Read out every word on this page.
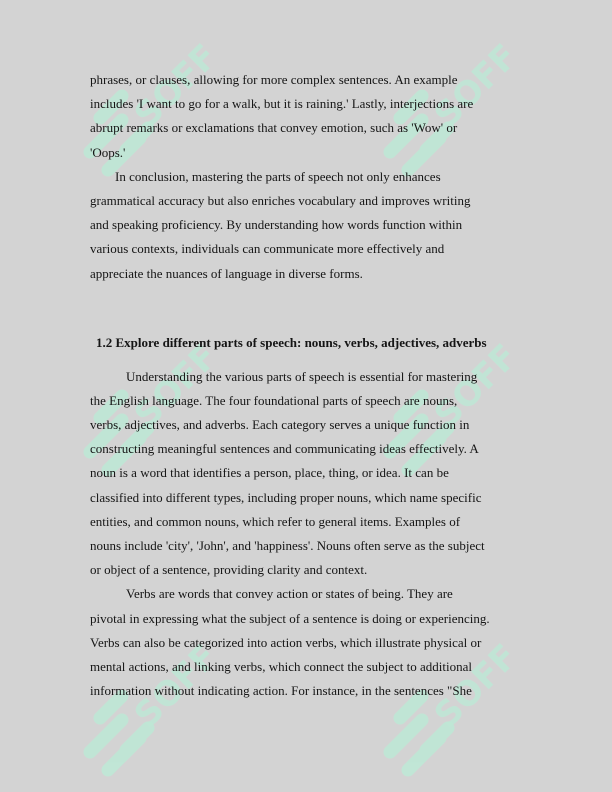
SOFF	SOFF
SOFF	SOFF
SOFF	SOFF
phrases, or clauses, allowing for more complex sentences. An example
includes 'I want to go for a walk, but it is raining.' Lastly, interjections are
abrupt remarks or exclamations that convey emotion, such as 'Wow' or
'Oops.'
In conclusion, mastering the parts of speech not only enhances
grammatical accuracy but also enriches vocabulary and improves writing
and speaking proficiency. By understanding how words function within
various contexts, individuals can communicate more effectively and
appreciate the nuances of language in diverse forms.
1.2 Explore different parts of speech: nouns, verbs, adjectives, adverbs
Understanding the various parts of speech is essential for mastering
the English language. The four foundational parts of speech are nouns,
verbs, adjectives, and adverbs. Each category serves a unique function in
constructing meaningful sentences and communicating ideas effectively. A
noun is a word that identifies a person, place, thing, or idea. It can be
classified into different types, including proper nouns, which name specific
entities, and common nouns, which refer to general items. Examples of
nouns include 'city', 'John', and 'happiness'. Nouns often serve as the subject
or object of a sentence, providing clarity and context.
Verbs are words that convey action or states of being. They are
pivotal in expressing what the subject of a sentence is doing or experiencing.
Verbs can also be categorized into action verbs, which illustrate physical or
mental actions, and linking verbs, which connect the subject to additional
information without indicating action. For instance, in the sentences "She
